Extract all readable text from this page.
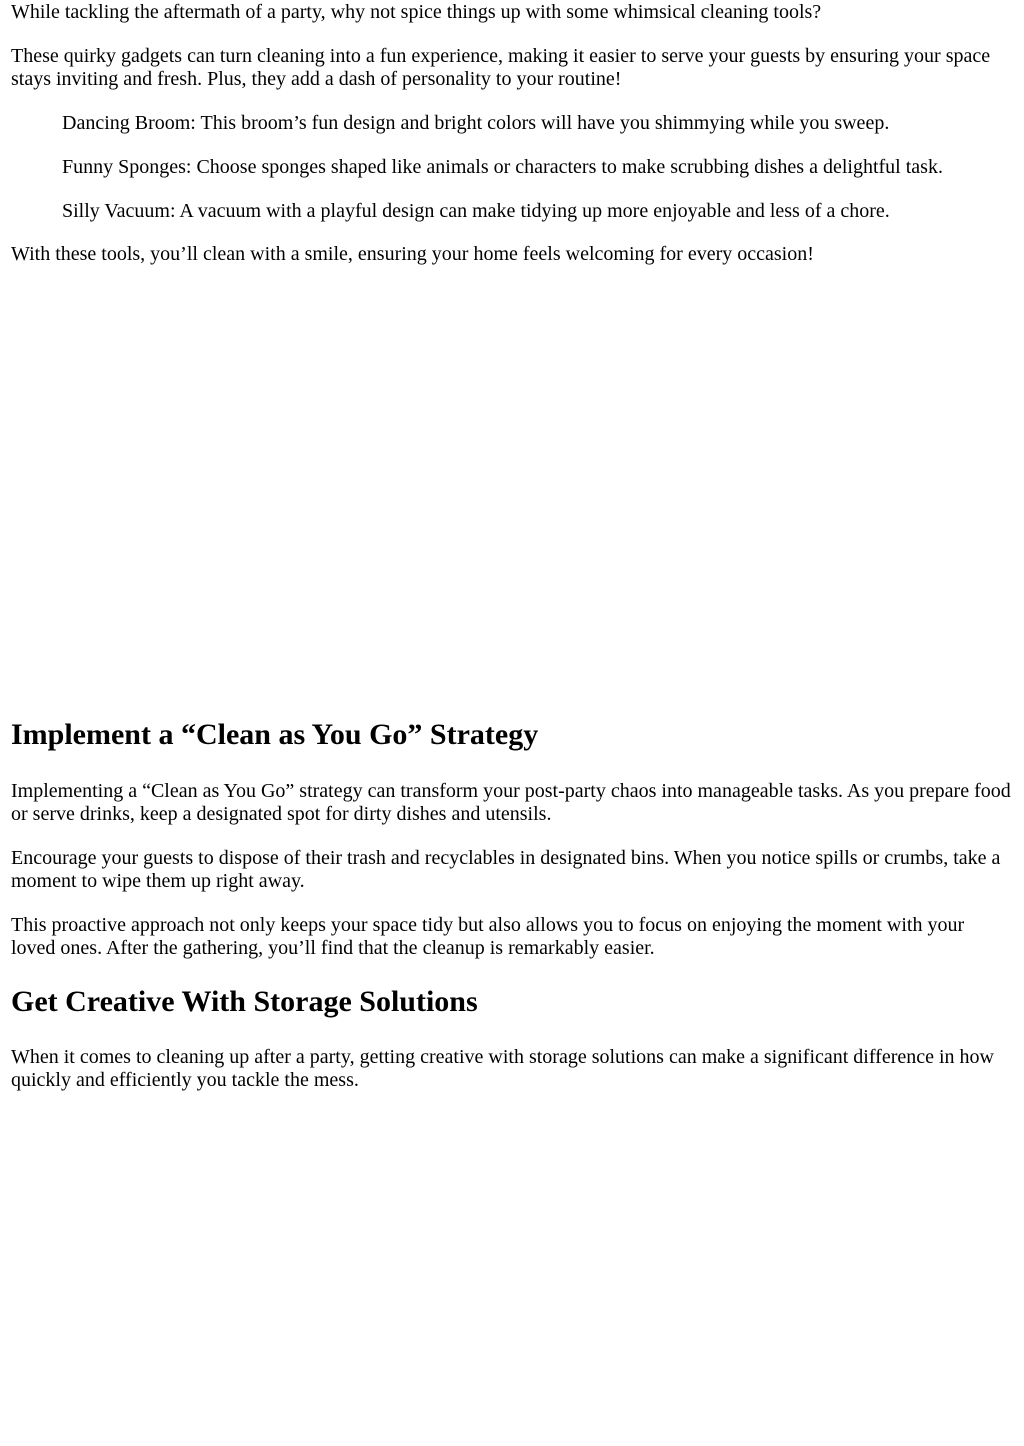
While tackling the aftermath of a party, why not spice things up with some whimsical cleaning tools?

These quirky gadgets can turn cleaning into a fun experience, making it easier to serve your guests by ensuring your space stays inviting and fresh. Plus, they add a dash of personality to your routine!

Dancing Broom: This broom’s fun design and bright colors will have you shimmying while you sweep.

Funny Sponges: Choose sponges shaped like animals or characters to make scrubbing dishes a delightful task.

Silly Vacuum: A vacuum with a playful design can make tidying up more enjoyable and less of a chore.

With these tools, you’ll clean with a smile, ensuring your home feels welcoming for every occasion!

Implement a “Clean as You Go” Strategy

Implementing a “Clean as You Go” strategy can transform your post-party chaos into manageable tasks. As you prepare food or serve drinks, keep a designated spot for dirty dishes and utensils.

Encourage your guests to dispose of their trash and recyclables in designated bins. When you notice spills or crumbs, take a moment to wipe them up right away.

This proactive approach not only keeps your space tidy but also allows you to focus on enjoying the moment with your loved ones. After the gathering, you’ll find that the cleanup is remarkably easier.

Get Creative With Storage Solutions

When it comes to cleaning up after a party, getting creative with storage solutions can make a significant difference in how quickly and efficiently you tackle the mess.
